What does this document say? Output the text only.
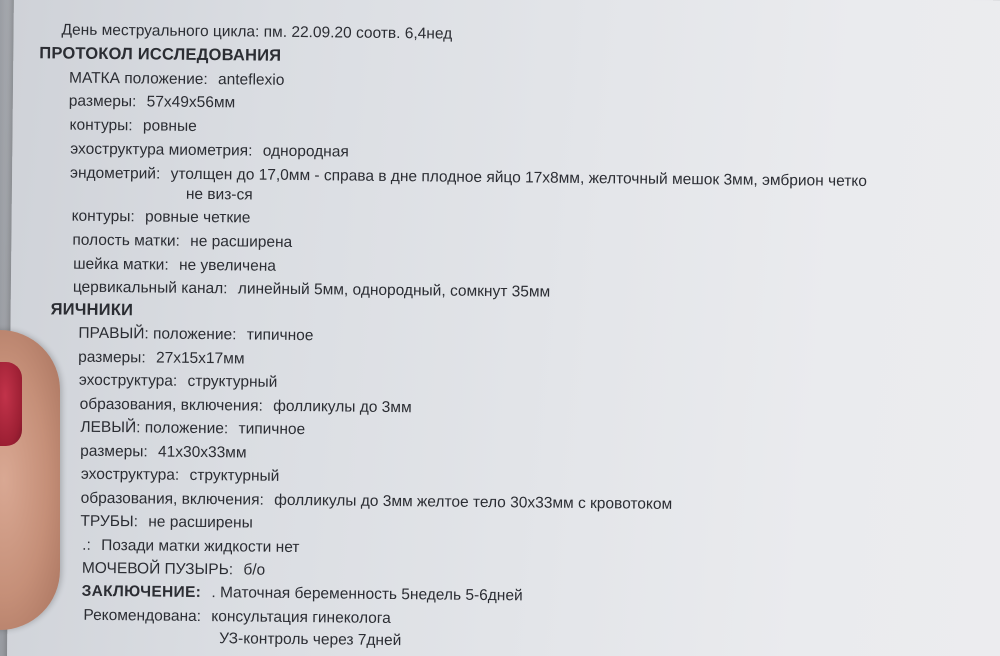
День меструального цикла: пм. 22.09.20 соотв. 6,4нед
ПРОТОКОЛ ИССЛЕДОВАНИЯ
МАТКА положение: anteflexio
размеры: 57x49x56мм
контуры: ровные
эхоструктура миометрия: однородная
эндометрий: утолщен до 17,0мм - справа в дне плодное яйцо 17x8мм, желточный мешок 3мм, эмбрион четко
не виз-ся
контуры: ровные четкие
полость матки: не расширена
шейка матки: не увеличена
цервикальный канал: линейный 5мм, однородный, сомкнут 35мм
ЯИЧНИКИ
ПРАВЫЙ: положение: типичное
размеры: 27x15x17мм
эхоструктура: структурный
образования, включения: фолликулы до 3мм
ЛЕВЫЙ: положение: типичное
размеры: 41x30x33мм
эхоструктура: структурный
образования, включения: фолликулы до 3мм желтое тело 30x33мм с кровотоком
ТРУБЫ: не расширены
.: Позади матки жидкости нет
МОЧЕВОЙ ПУЗЫРЬ: б/о
ЗАКЛЮЧЕНИЕ: . Маточная беременность 5недель 5-6дней
Рекомендована: консультация гинеколога
УЗ-контроль через 7дней
